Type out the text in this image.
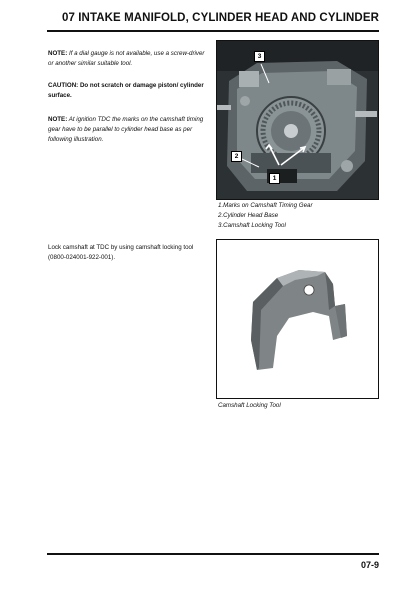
07 INTAKE MANIFOLD, CYLINDER HEAD AND CYLINDER
NOTE: If a dial gauge is not available, use a screw-driver or another similar suitable tool.
CAUTION: Do not scratch or damage piston/ cylinder surface.
NOTE: At ignition TDC the marks on the camshaft timing gear have to be parallel to cylinder head base as per following illustration.
Lock camshaft at TDC by using camshaft locking tool (0800-024001-922-001).
3
2
1
1.Marks on Camshaft Timing Gear
2.Cylinder Head Base
3.Camshaft Locking Tool
Camshaft Locking Tool
07-9
